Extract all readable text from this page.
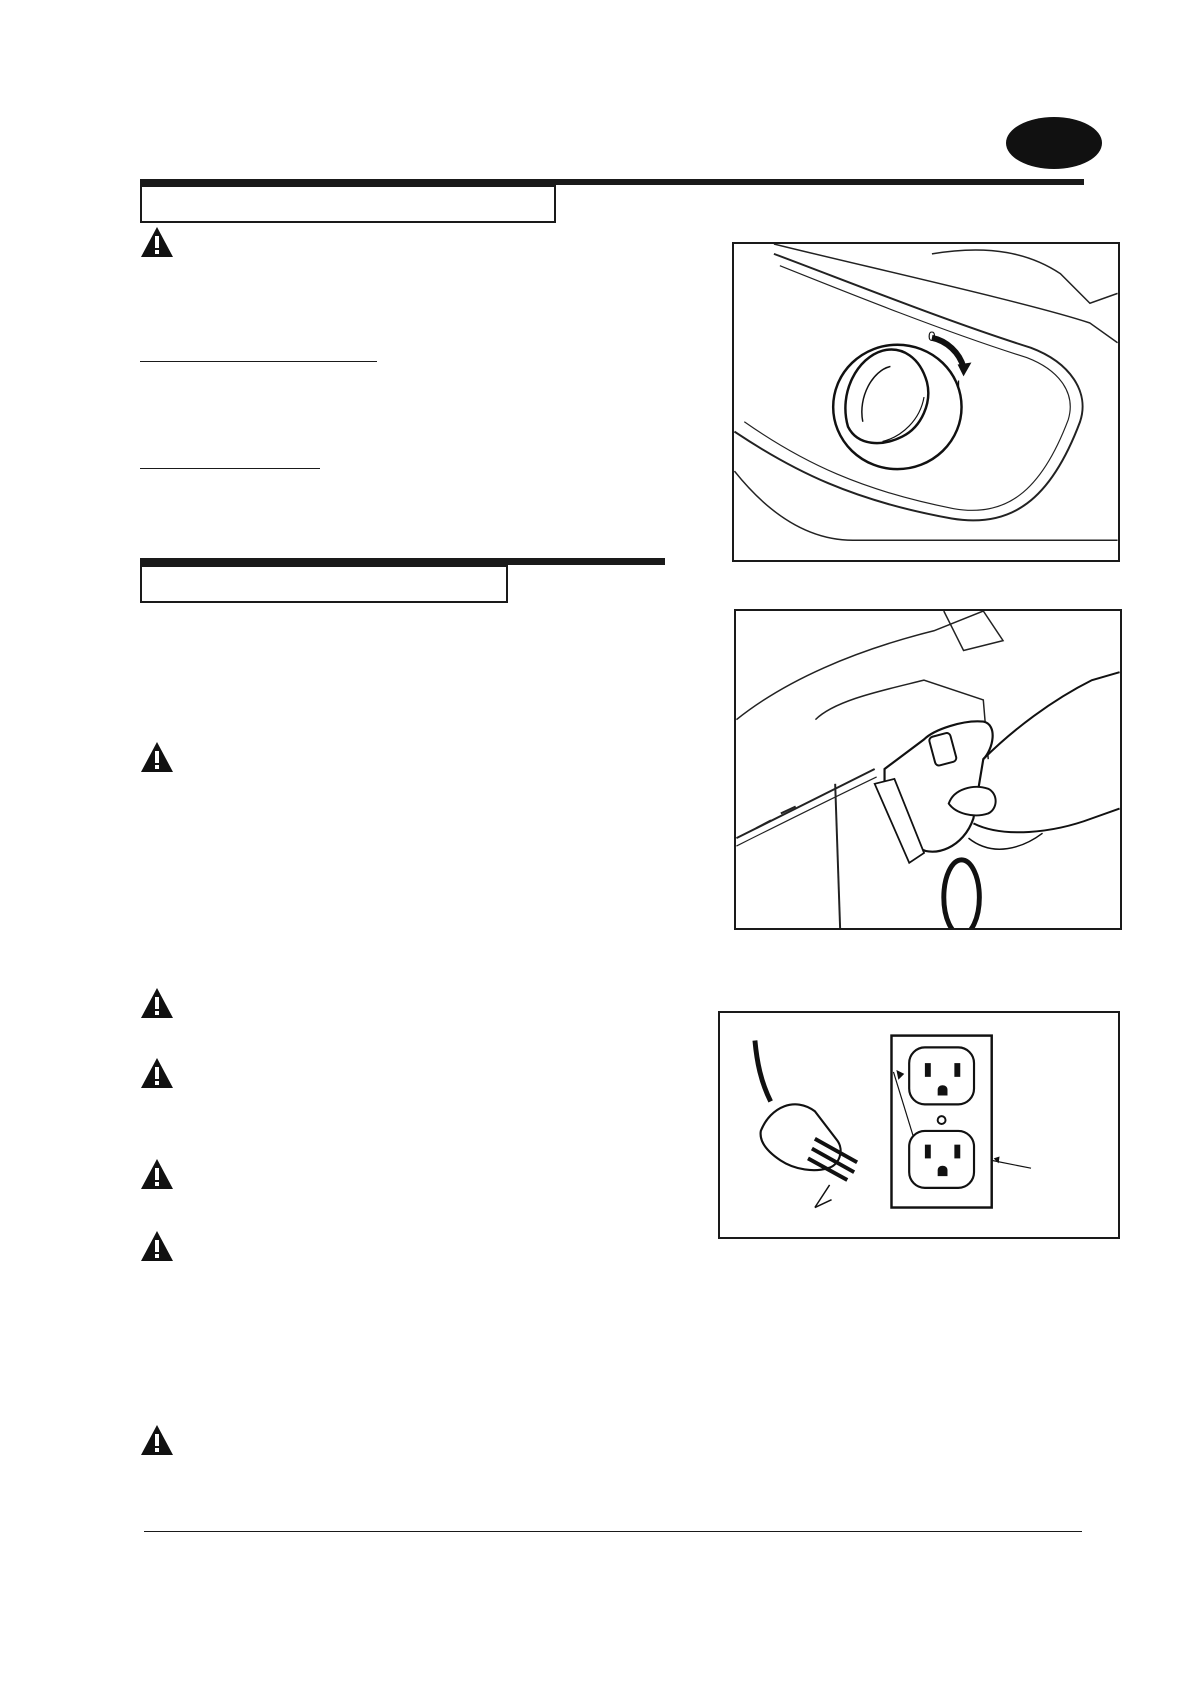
0
I
